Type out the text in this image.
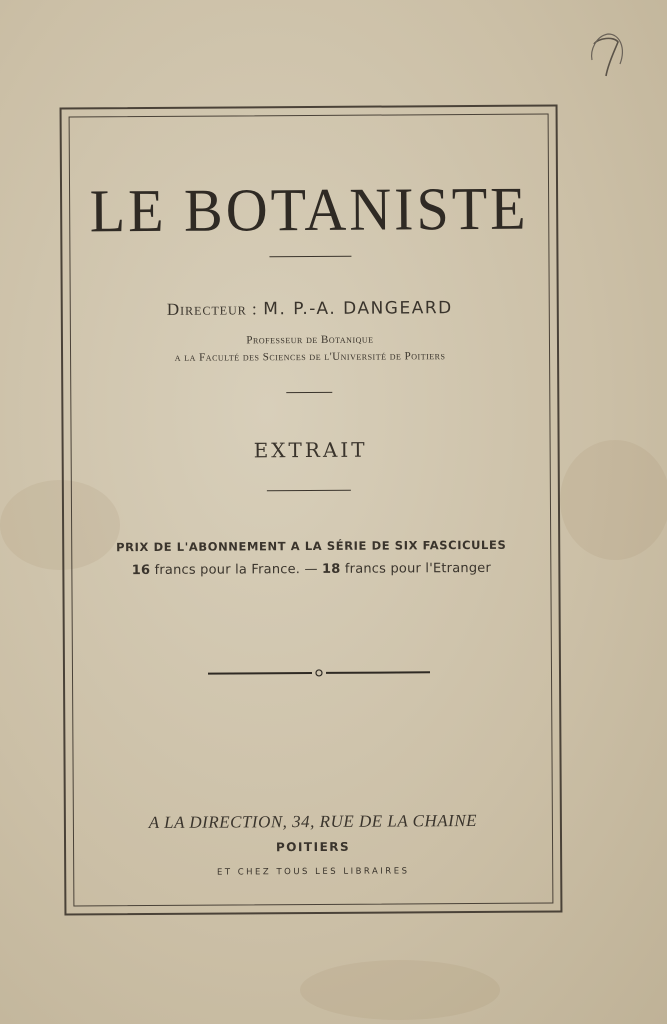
LE BOTANISTE
Directeur : M. P.-A. DANGEARD
Professeur de Botanique
a la Faculté des Sciences de l'Université de Poitiers
EXTRAIT
PRIX DE L'ABONNEMENT A LA SÉRIE DE SIX FASCICULES
16 francs pour la France. — 18 francs pour l'Etranger
A LA DIRECTION, 34, RUE DE LA CHAINE
POITIERS
ET CHEZ TOUS LES LIBRAIRES
